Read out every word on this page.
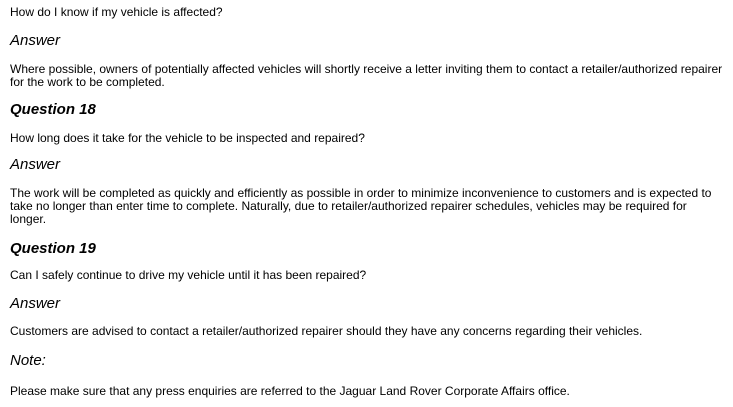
How do I know if my vehicle is affected?

Answer

Where possible, owners of potentially affected vehicles will shortly receive a letter inviting them to contact a retailer/authorized repairer for the work to be completed.

Question 18

How long does it take for the vehicle to be inspected and repaired?

Answer

The work will be completed as quickly and efficiently as possible in order to minimize inconvenience to customers and is expected to take no longer than enter time to complete. Naturally, due to retailer/authorized repairer schedules, vehicles may be required for longer.

Question 19

Can I safely continue to drive my vehicle until it has been repaired?

Answer

Customers are advised to contact a retailer/authorized repairer should they have any concerns regarding their vehicles.

Note:

Please make sure that any press enquiries are referred to the Jaguar Land Rover Corporate Affairs office.
